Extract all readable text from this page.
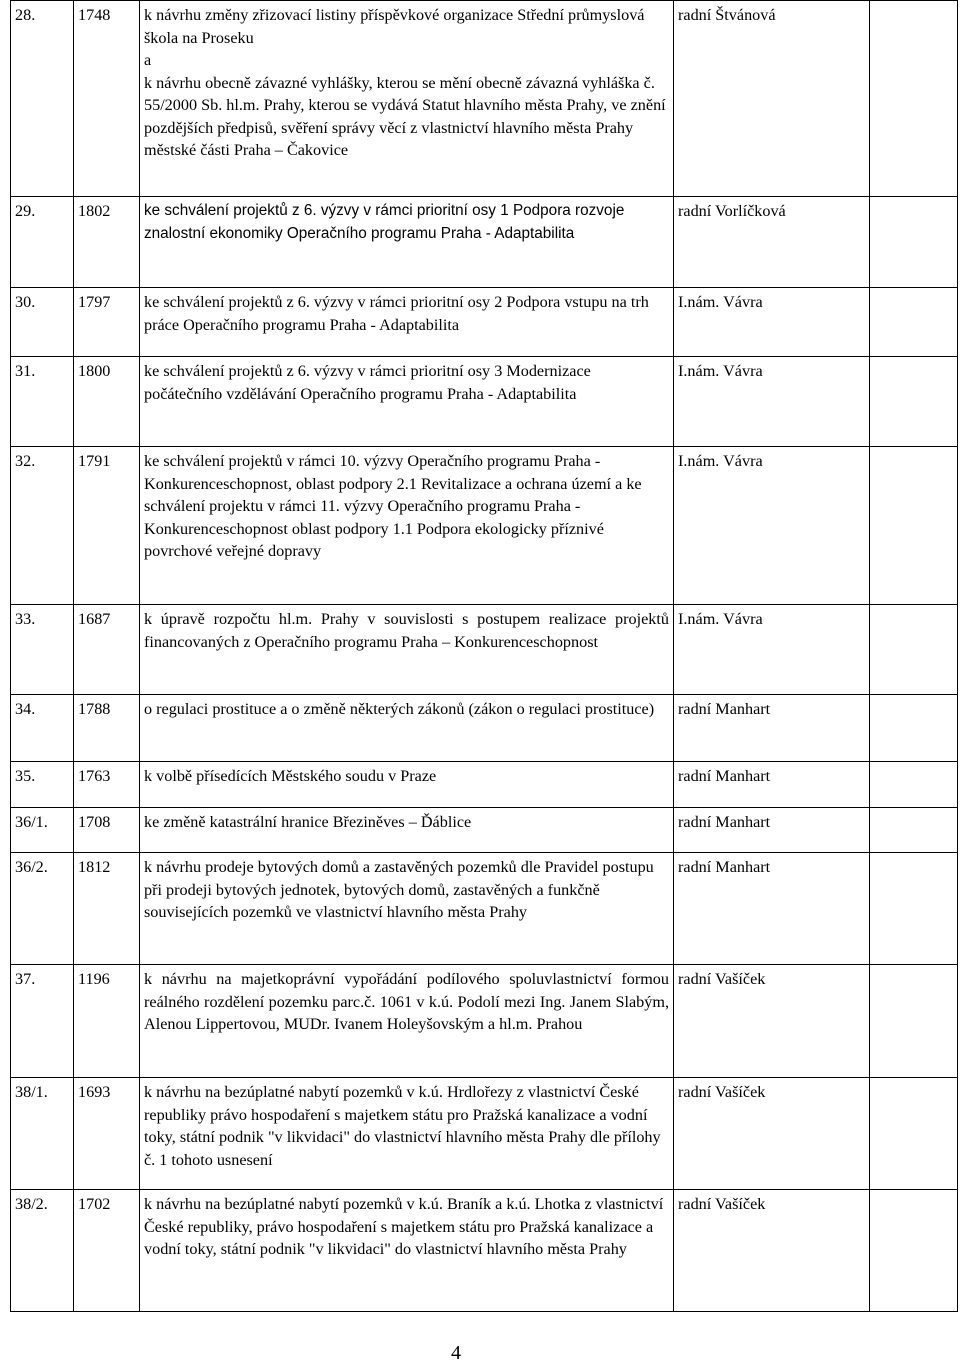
28.	1748	k návrhu změny zřizovací listiny příspěvkové organizace Střední průmyslová škola na Proseku
a
k návrhu obecně závazné vyhlášky, kterou se mění obecně závazná vyhláška č. 55/2000 Sb. hl.m. Prahy, kterou se vydává Statut hlavního města Prahy, ve znění pozdějších předpisů, svěření správy věcí z vlastnictví hlavního města Prahy městské části Praha – Čakovice	radní Štvánová	
29.	1802	ke schválení projektů z 6. výzvy v rámci prioritní osy 1 Podpora rozvoje znalostní ekonomiky Operačního programu Praha - Adaptabilita	radní Vorlíčková	
30.	1797	ke schválení projektů z 6. výzvy v rámci prioritní osy 2 Podpora vstupu na trh práce Operačního programu Praha - Adaptabilita	I.nám. Vávra	
31.	1800	ke schválení projektů z 6. výzvy v rámci prioritní osy 3 Modernizace počátečního vzdělávání Operačního programu Praha - Adaptabilita	I.nám. Vávra	
32.	1791	ke schválení projektů v rámci 10. výzvy Operačního programu Praha - Konkurenceschopnost, oblast podpory 2.1 Revitalizace a ochrana území a ke schválení projektu v rámci 11. výzvy Operačního programu Praha - Konkurenceschopnost oblast podpory 1.1 Podpora ekologicky příznivé povrchové veřejné dopravy	I.nám. Vávra	
33.	1687	k úpravě rozpočtu hl.m. Prahy v souvislosti s postupem realizace projektů financovaných z Operačního programu Praha – Konkurenceschopnost	I.nám. Vávra	
34.	1788	o regulaci prostituce a o změně některých zákonů (zákon o regulaci prostituce)	radní Manhart	
35.	1763	k volbě přísedících Městského soudu v Praze	radní Manhart	
36/1.	1708	ke změně katastrální hranice Březiněves – Ďáblice	radní Manhart	
36/2.	1812	k návrhu prodeje bytových domů a zastavěných pozemků dle Pravidel postupu při prodeji bytových jednotek, bytových domů, zastavěných a funkčně souvisejících pozemků ve vlastnictví hlavního města Prahy	radní Manhart	
37.	1196	k návrhu na majetkoprávní vypořádání podílového spoluvlastnictví formou reálného rozdělení pozemku parc.č. 1061 v k.ú. Podolí mezi Ing. Janem Slabým, Alenou Lippertovou, MUDr. Ivanem Holeyšovským a hl.m. Prahou	radní Vašíček	
38/1.	1693	k návrhu na bezúplatné nabytí pozemků v k.ú. Hrdlořezy z vlastnictví České republiky právo hospodaření s majetkem státu pro Pražská kanalizace a vodní toky, státní podnik "v likvidaci" do vlastnictví hlavního města Prahy dle přílohy č. 1 tohoto usnesení	radní Vašíček	
38/2.	1702	k návrhu na bezúplatné nabytí pozemků v k.ú. Braník a k.ú. Lhotka z vlastnictví České republiky, právo hospodaření s majetkem státu pro Pražská kanalizace a vodní toky, státní podnik "v likvidaci" do vlastnictví hlavního města Prahy	radní Vašíček	
4
